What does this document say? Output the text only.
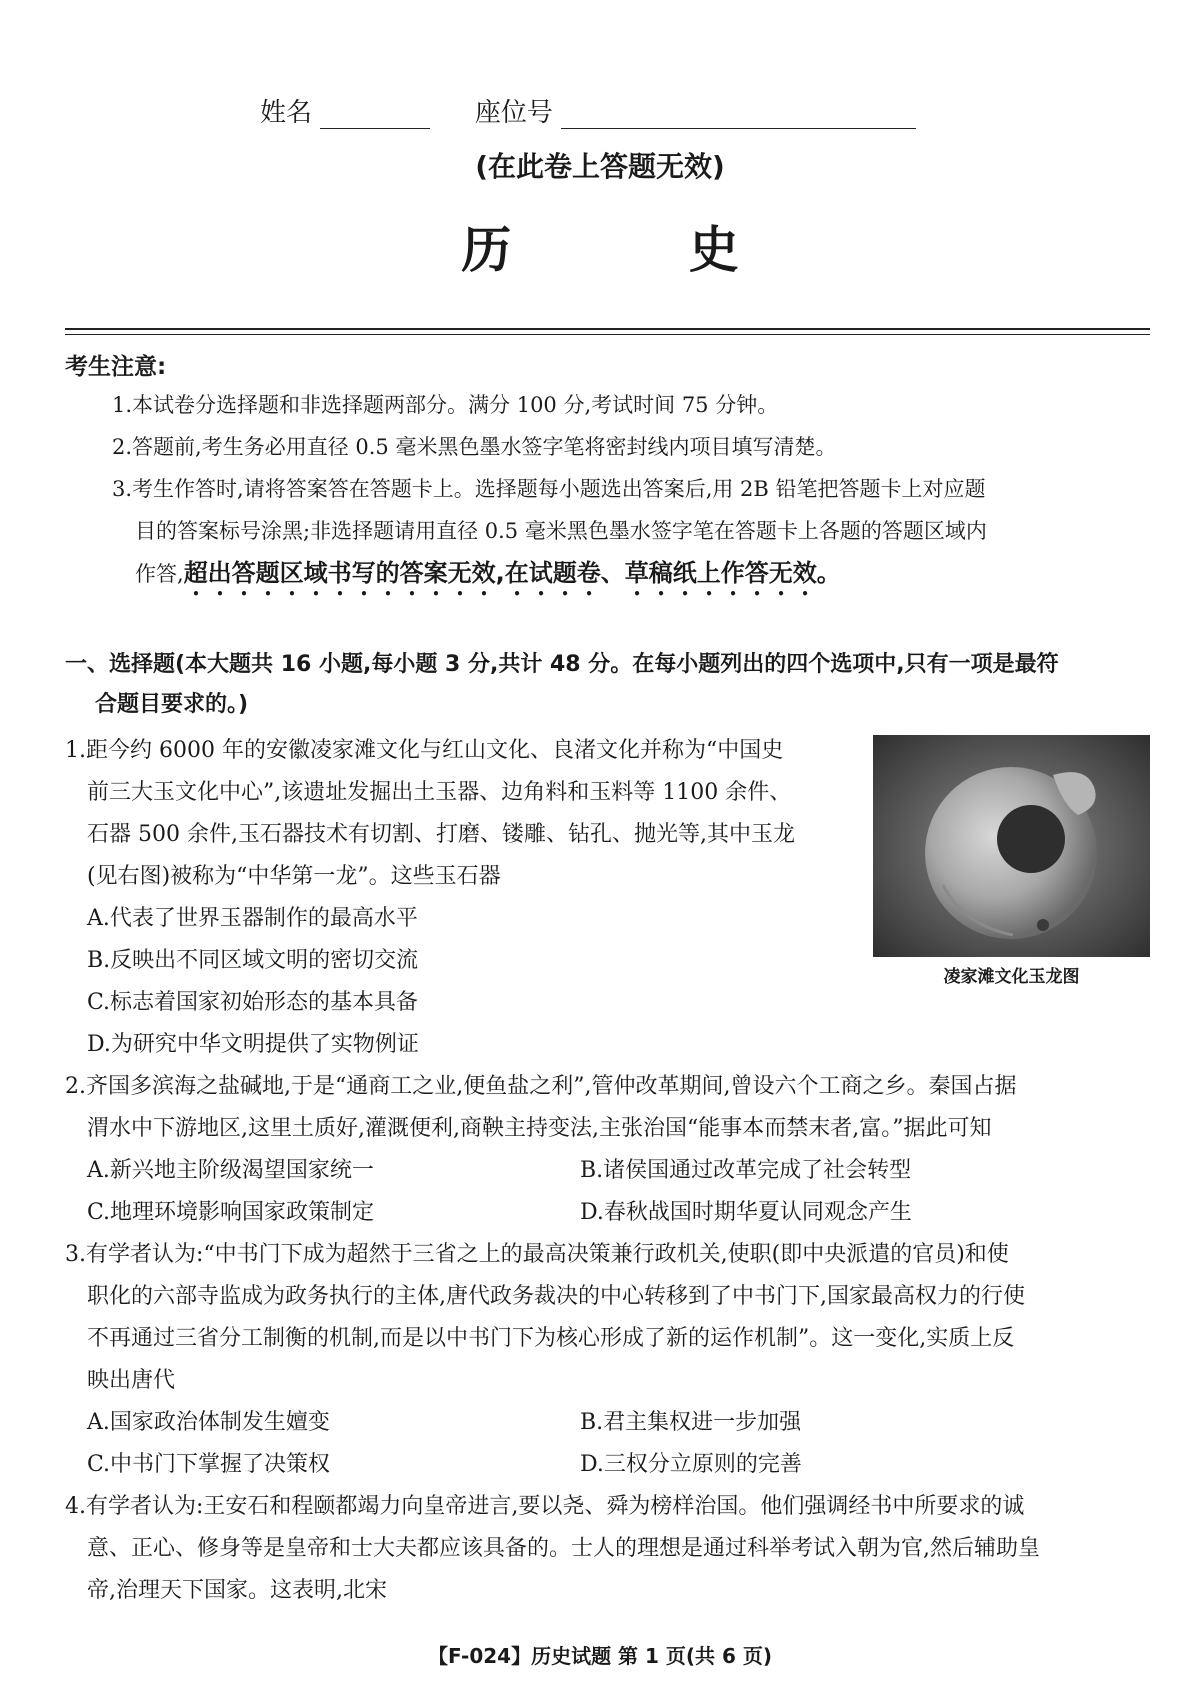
姓名	座位号
(在此卷上答题无效)
历 史
考生注意:
1.本试卷分选择题和非选择题两部分。满分 100 分,考试时间 75 分钟。
2.答题前,考生务必用直径 0.5 毫米黑色墨水签字笔将密封线内项目填写清楚。
3.考生作答时,请将答案答在答题卡上。选择题每小题选出答案后,用 2B 铅笔把答题卡上对应题
目的答案标号涂黑;非选择题请用直径 0.5 毫米黑色墨水签字笔在答题卡上各题的答题区域内
作答,超出答题区域书写的答案无效,在试题卷、草稿纸上作答无效。
一、选择题(本大题共 16 小题,每小题 3 分,共计 48 分。在每小题列出的四个选项中,只有一项是最符
合题目要求的。)
1.距今约 6000 年的安徽凌家滩文化与红山文化、良渚文化并称为“中国史
前三大玉文化中心”,该遗址发掘出土玉器、边角料和玉料等 1100 余件、
石器 500 余件,玉石器技术有切割、打磨、镂雕、钻孔、抛光等,其中玉龙
(见右图)被称为“中华第一龙”。这些玉石器
A.代表了世界玉器制作的最高水平
B.反映出不同区域文明的密切交流
C.标志着国家初始形态的基本具备
D.为研究中华文明提供了实物例证
凌家滩文化玉龙图
2.齐国多滨海之盐碱地,于是“通商工之业,便鱼盐之利”,管仲改革期间,曾设六个工商之乡。秦国占据
渭水中下游地区,这里土质好,灌溉便利,商鞅主持变法,主张治国“能事本而禁末者,富。”据此可知
A.新兴地主阶级渴望国家统一	B.诸侯国通过改革完成了社会转型
C.地理环境影响国家政策制定	D.春秋战国时期华夏认同观念产生
3.有学者认为:“中书门下成为超然于三省之上的最高决策兼行政机关,使职(即中央派遣的官员)和使
职化的六部寺监成为政务执行的主体,唐代政务裁决的中心转移到了中书门下,国家最高权力的行使
不再通过三省分工制衡的机制,而是以中书门下为核心形成了新的运作机制”。这一变化,实质上反
映出唐代
A.国家政治体制发生嬗变	B.君主集权进一步加强
C.中书门下掌握了决策权	D.三权分立原则的完善
4.有学者认为:王安石和程颐都竭力向皇帝进言,要以尧、舜为榜样治国。他们强调经书中所要求的诚
意、正心、修身等是皇帝和士大夫都应该具备的。士人的理想是通过科举考试入朝为官,然后辅助皇
帝,治理天下国家。这表明,北宋
【F-024】历史试题 第 1 页(共 6 页)
